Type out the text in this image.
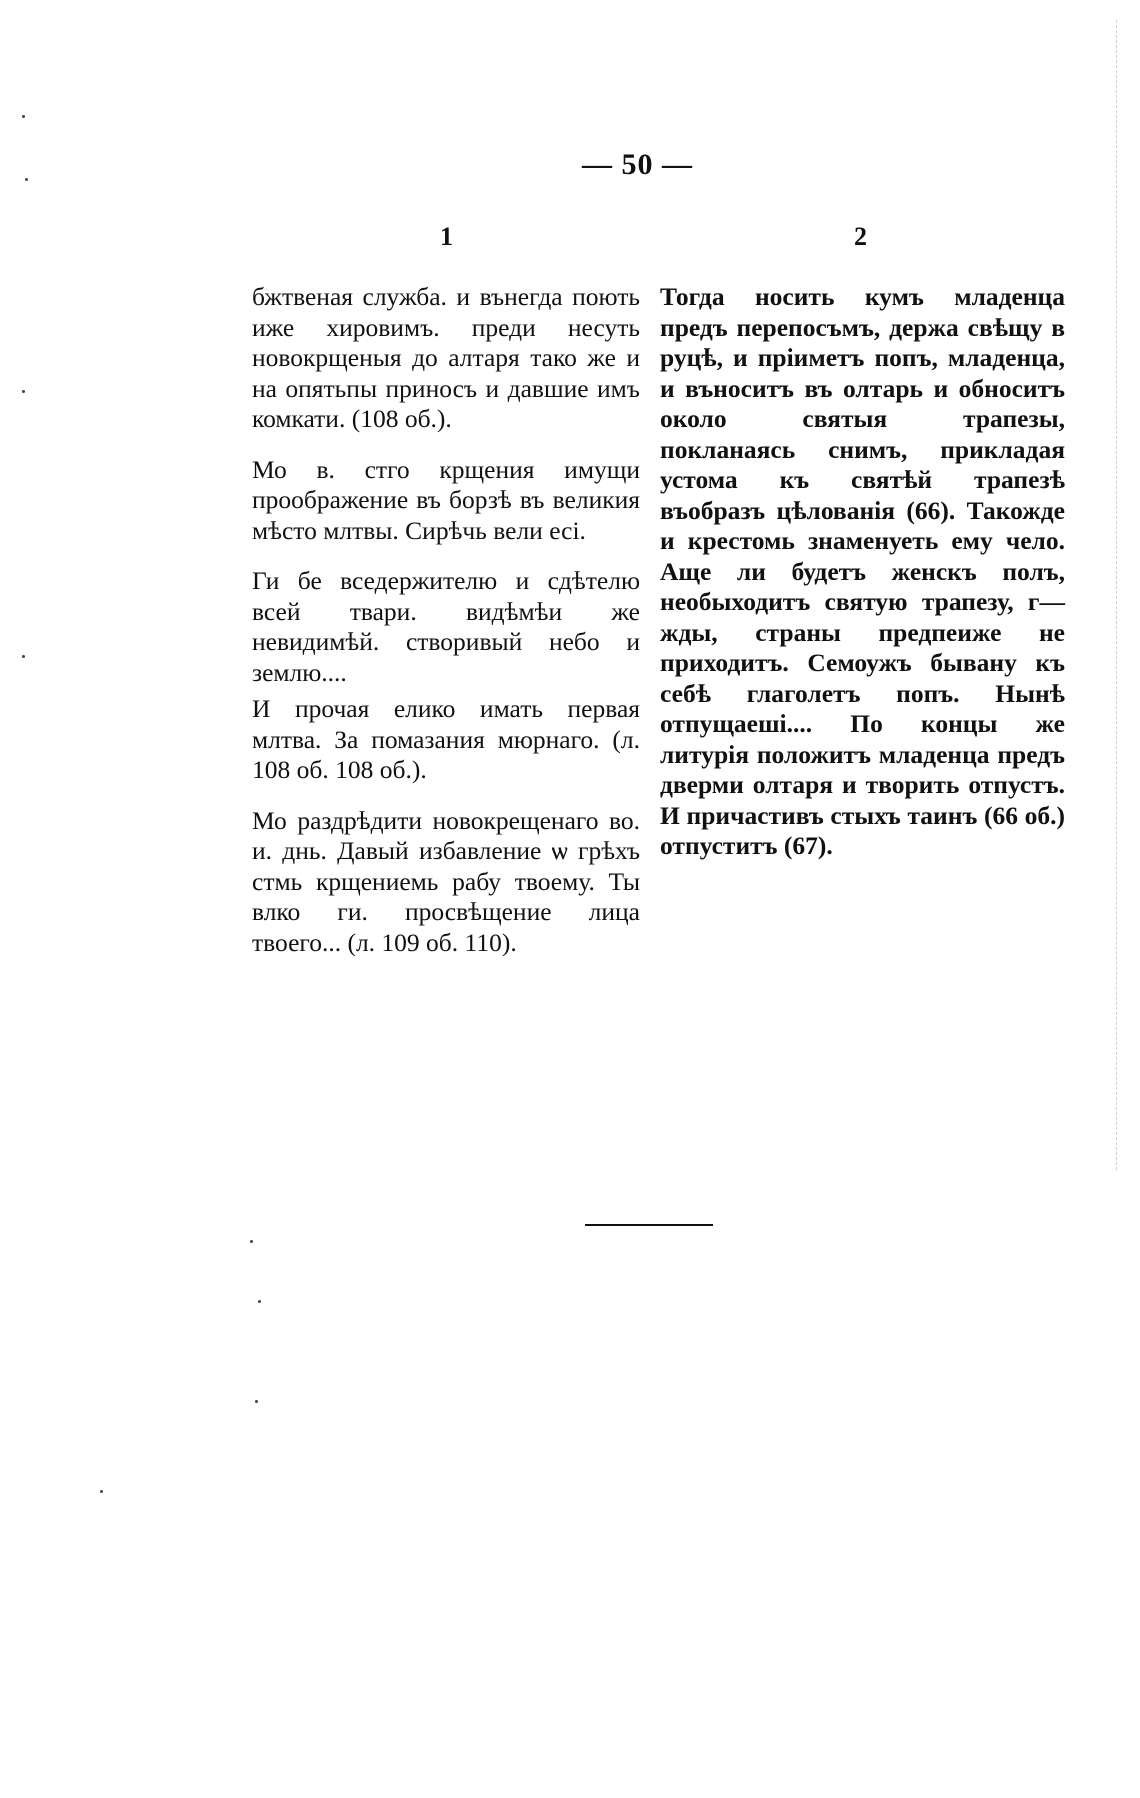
— 50 —
1	2

бжтвеная служба. и вънегда поють иже хировимъ. преди несуть новокрщеныя до алтаря тако же и на опятьпы приносъ и давшие имъ комкати. (108 об.).

Мо в. стго крщения имущи проображение въ борзѣ въ великия мѣсто млтвы. Сирѣчь вели есі.

Ги бе вседержителю и сдѣтелю всей твари. видѣмѣи же невидимѣй. створивый небо и землю....

И прочая елико имать первая млтва. За помазания мюрнаго. (л. 108 об. 108 об.).

Мо раздрѣдити новокрещенаго во. и. днь. Давый избавление ѡ грѣхъ стмь крщениемь рабу твоему. Ты влко ги. просвѣщение лица твоего... (л. 109 об. 110).

Тогда носить кумъ младенца предъ перепосъмъ, держа свѣщу в руцѣ, и пріиметъ попъ, младенца, и въноситъ въ олтарь и обноситъ около святыя трапезы, покланаясь снимъ, прикладая устома къ святѣй трапезѣ въобразъ цѣлованія (66). Такожде и крестомь знаменуеть ему чело. Аще ли будетъ женскъ полъ, необыходитъ святую трапезу, г—жды, страны предпеиже не приходитъ. Семоужъ бывану къ себѣ глаголетъ попъ. Нынѣ отпущаеші.... По концы же литурія положитъ младенца предъ дверми олтаря и творить отпустъ. И причастивъ стыхъ таинъ (66 об.) отпуститъ (67).
